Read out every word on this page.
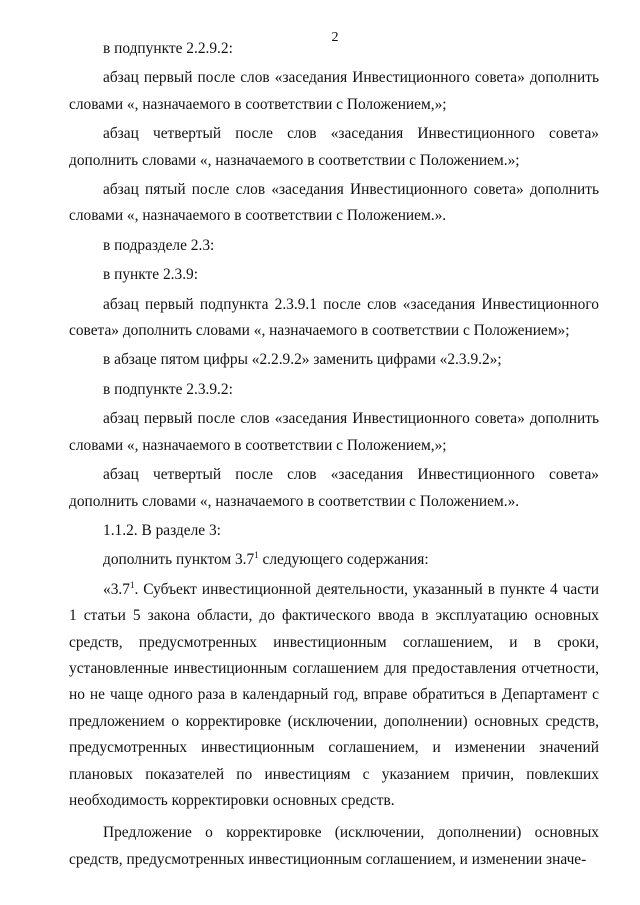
2

в подпункте 2.2.9.2:

абзац первый после слов «заседания Инвестиционного совета» дополнить словами «, назначаемого в соответствии с Положением,»;

абзац четвертый после слов «заседания Инвестиционного совета» дополнить словами «, назначаемого в соответствии с Положением.»;

абзац пятый после слов «заседания Инвестиционного совета» дополнить словами «, назначаемого в соответствии с Положением.».

в подразделе 2.3:

в пункте 2.3.9:

абзац первый подпункта 2.3.9.1 после слов «заседания Инвестиционного совета» дополнить словами «, назначаемого в соответствии с Положением»;

в абзаце пятом цифры «2.2.9.2» заменить цифрами «2.3.9.2»;

в подпункте 2.3.9.2:

абзац первый после слов «заседания Инвестиционного совета» дополнить словами «, назначаемого в соответствии с Положением,»;

абзац четвертый после слов «заседания Инвестиционного совета» дополнить словами «, назначаемого в соответствии с Положением.».

1.1.2. В разделе 3:

дополнить пунктом $3.7^1$ следующего содержания:

«$3.7^1$. Субъект инвестиционной деятельности, указанный в пункте 4 части 1 статьи 5 закона области, до фактического ввода в эксплуатацию основных средств, предусмотренных инвестиционным соглашением, и в сроки, установленные инвестиционным соглашением для предоставления отчетности, но не чаще одного раза в календарный год, вправе обратиться в Департамент с предложением о корректировке (исключении, дополнении) основных средств, предусмотренных инвестиционным соглашением, и изменении значений плановых показателей по инвестициям с указанием причин, повлекших необходимость корректировки основных средств.

Предложение о корректировке (исключении, дополнении) основных средств, предусмотренных инвестиционным соглашением, и изменении значе-
